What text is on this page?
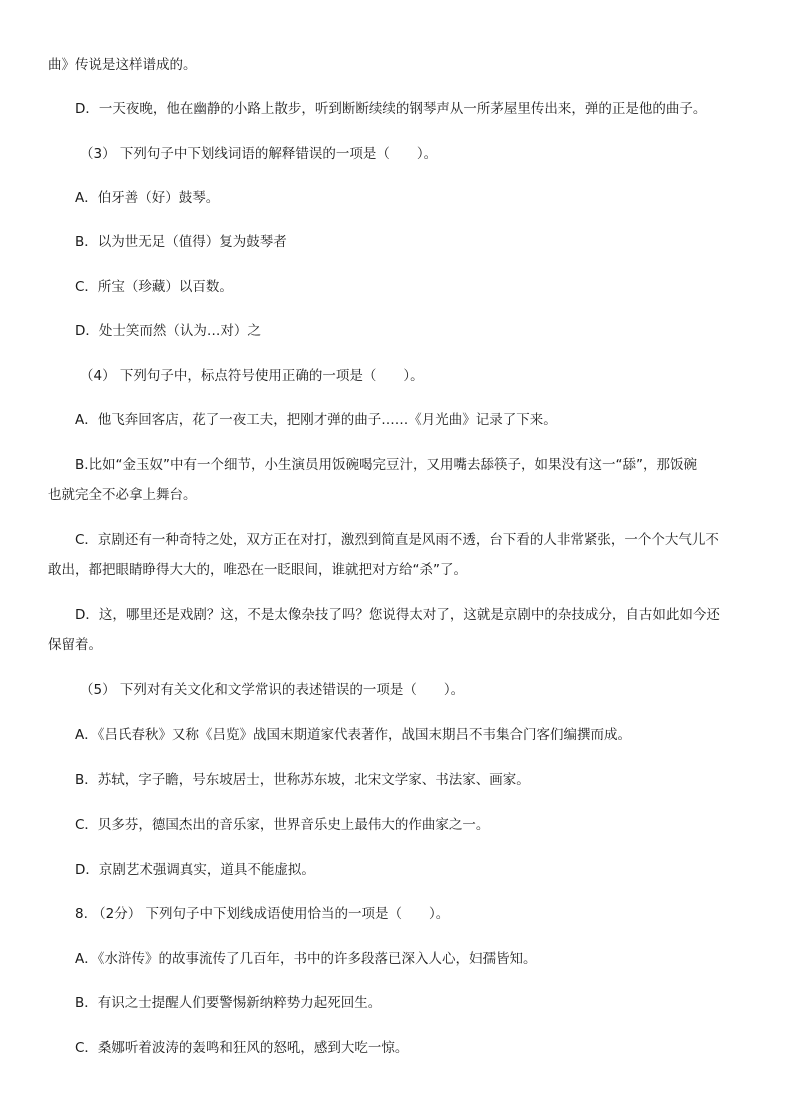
曲》传说是这样谱成的。
D．一天夜晚，他在幽静的小路上散步，听到断断续续的钢琴声从一所茅屋里传出来，弹的正是他的曲子。
（3） 下列句子中下划线词语的解释错误的一项是（　　）。
A．伯牙善（好）鼓琴。
B．以为世无足（值得）复为鼓琴者
C．所宝（珍藏）以百数。
D．处士笑而然（认为…对）之
（4） 下列句子中，标点符号使用正确的一项是（　　）。
A．他飞奔回客店，花了一夜工夫，把刚才弹的曲子……《月光曲》记录了下来。
B.比如“金玉奴”中有一个细节，小生演员用饭碗喝完豆汁，又用嘴去舔筷子，如果没有这一“舔”，那饭碗
也就完全不必拿上舞台。
C．京剧还有一种奇特之处，双方正在对打，激烈到简直是风雨不透，台下看的人非常紧张，一个个大气儿不
敢出，都把眼睛睁得大大的，唯恐在一眨眼间，谁就把对方给“杀”了。
D．这，哪里还是戏剧？这，不是太像杂技了吗？您说得太对了，这就是京剧中的杂技成分，自古如此如今还
保留着。
（5） 下列对有关文化和文学常识的表述错误的一项是（　　）。
A．《吕氏春秋》又称《吕览》战国末期道家代表著作，战国末期吕不韦集合门客们编撰而成。
B．苏轼，字子瞻，号东坡居士，世称苏东坡，北宋文学家、书法家、画家。
C．贝多芬，德国杰出的音乐家，世界音乐史上最伟大的作曲家之一。
D．京剧艺术强调真实，道具不能虚拟。
8. （2分） 下列句子中下划线成语使用恰当的一项是（　　）。
A．《水浒传》的故事流传了几百年，书中的许多段落已深入人心，妇孺皆知。
B．有识之士提醒人们要警惕新纳粹势力起死回生。
C．桑娜听着波涛的轰鸣和狂风的怒吼，感到大吃一惊。
